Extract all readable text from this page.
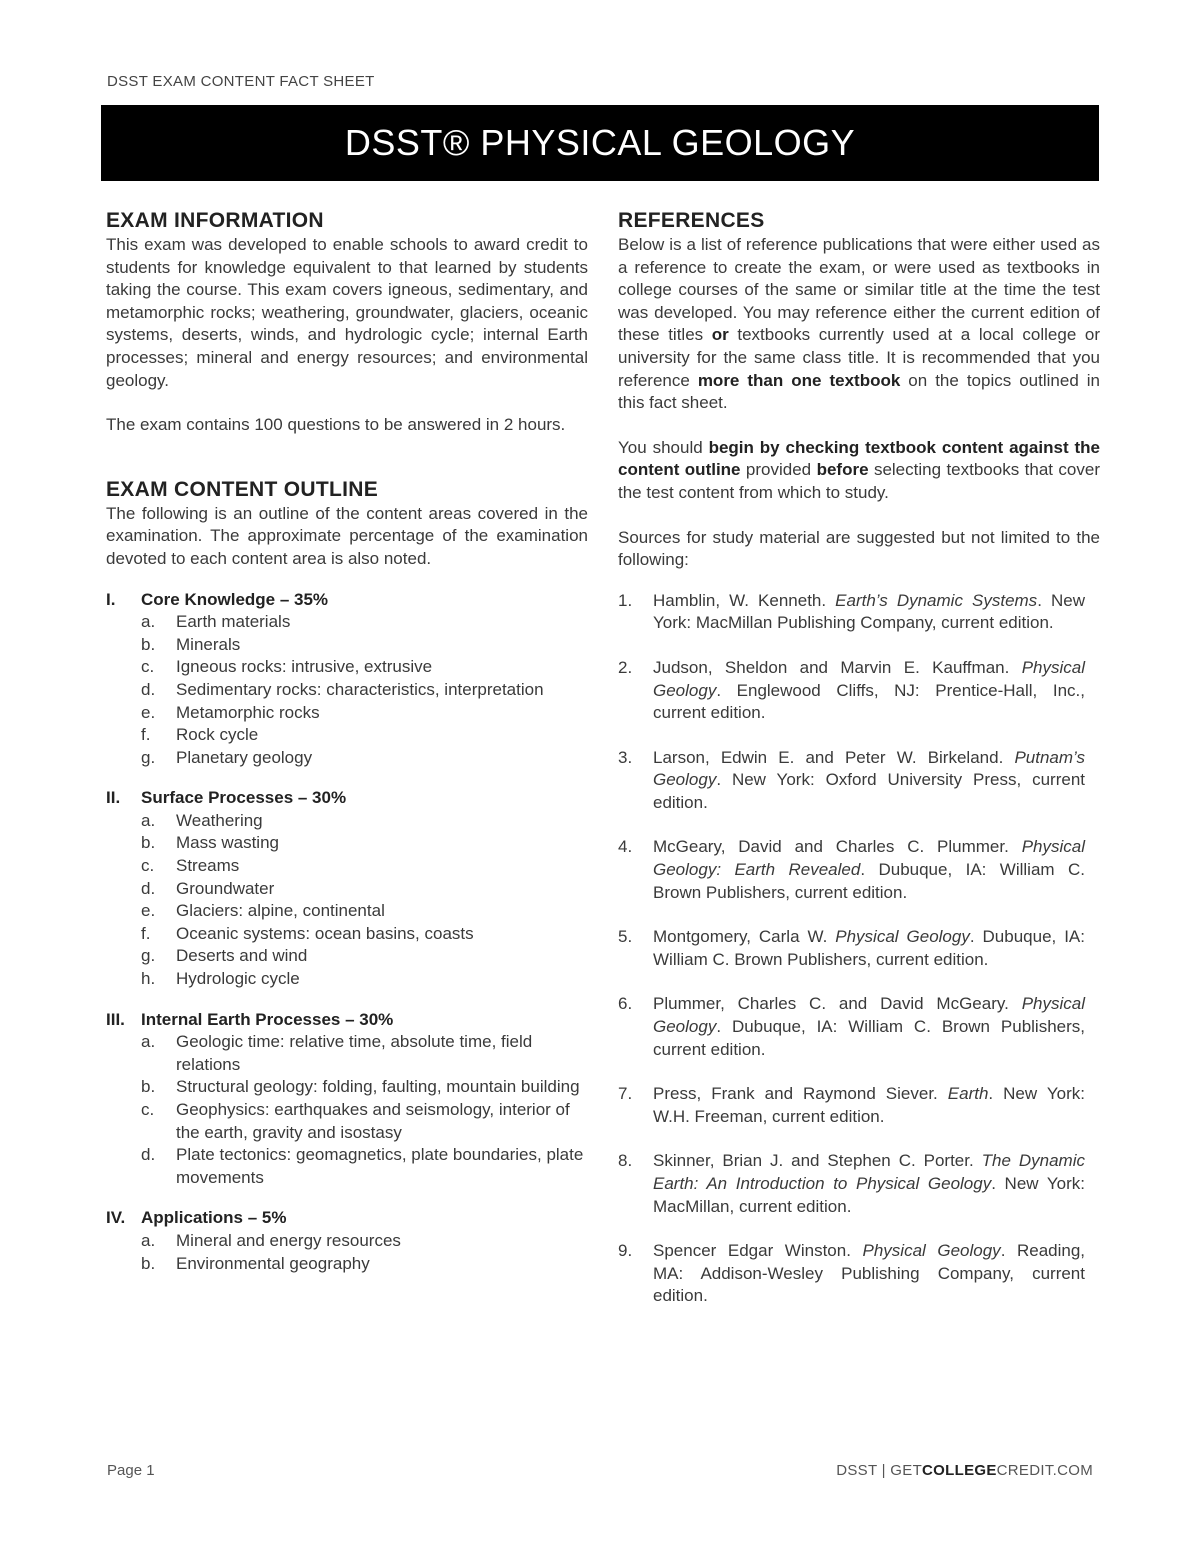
DSST EXAM CONTENT FACT SHEET
DSST® PHYSICAL GEOLOGY
EXAM INFORMATION

This exam was developed to enable schools to award credit to students for knowledge equivalent to that learned by students taking the course. This exam covers igneous, sedimentary, and metamorphic rocks; weathering, groundwater, glaciers, oceanic systems, deserts, winds, and hydrologic cycle; internal Earth processes; mineral and energy resources; and environmental geology.

The exam contains 100 questions to be answered in 2 hours.

EXAM CONTENT OUTLINE

The following is an outline of the content areas covered in the examination. The approximate percentage of the examination devoted to each content area is also noted.

I.	Core Knowledge – 35%
a.	Earth materials
b.	Minerals
c.	Igneous rocks: intrusive, extrusive
d.	Sedimentary rocks: characteristics, interpretation
e.	Metamorphic rocks
f.	Rock cycle
g.	Planetary geology
II.	Surface Processes – 30%
a.	Weathering
b.	Mass wasting
c.	Streams
d.	Groundwater
e.	Glaciers: alpine, continental
f.	Oceanic systems: ocean basins, coasts
g.	Deserts and wind
h.	Hydrologic cycle
III. Internal Earth Processes – 30%
a.	Geologic time: relative time, absolute time, field relations
b.	Structural geology: folding, faulting, mountain building
c.	Geophysics: earthquakes and seismology, interior of the earth, gravity and isostasy
d.	Plate tectonics: geomagnetics, plate boundaries, plate movements
IV. Applications – 5%
a.	Mineral and energy resources
b.	Environmental geography
REFERENCES

Below is a list of reference publications that were either used as a reference to create the exam, or were used as textbooks in college courses of the same or similar title at the time the test was developed. You may reference either the current edition of these titles or textbooks currently used at a local college or university for the same class title. It is recommended that you reference more than one textbook on the topics outlined in this fact sheet.

You should begin by checking textbook content against the content outline provided before selecting textbooks that cover the test content from which to study.

Sources for study material are suggested but not limited to the following:

1.	Hamblin, W. Kenneth. Earth’s Dynamic Systems. New York: MacMillan Publishing Company, current edition.
2.	Judson, Sheldon and Marvin E. Kauffman. Physical Geology. Englewood Cliffs, NJ: Prentice-Hall, Inc., current edition.
3.	Larson, Edwin E. and Peter W. Birkeland. Putnam’s Geology. New York: Oxford University Press, current edition.
4.	McGeary, David and Charles C. Plummer. Physical Geology: Earth Revealed. Dubuque, IA: William C. Brown Publishers, current edition.
5.	Montgomery, Carla W. Physical Geology. Dubuque, IA: William C. Brown Publishers, current edition.
6.	Plummer, Charles C. and David McGeary. Physical Geology. Dubuque, IA: William C. Brown Publishers, current edition.
7.	Press, Frank and Raymond Siever. Earth. New York: W.H. Freeman, current edition.
8.	Skinner, Brian J. and Stephen C. Porter. The Dynamic Earth: An Introduction to Physical Geology. New York: MacMillan, current edition.
9.	Spencer Edgar Winston. Physical Geology. Reading, MA: Addison-Wesley Publishing Company, current edition.
Page 1	DSST | GETCOLLEGECREDIT.COM
